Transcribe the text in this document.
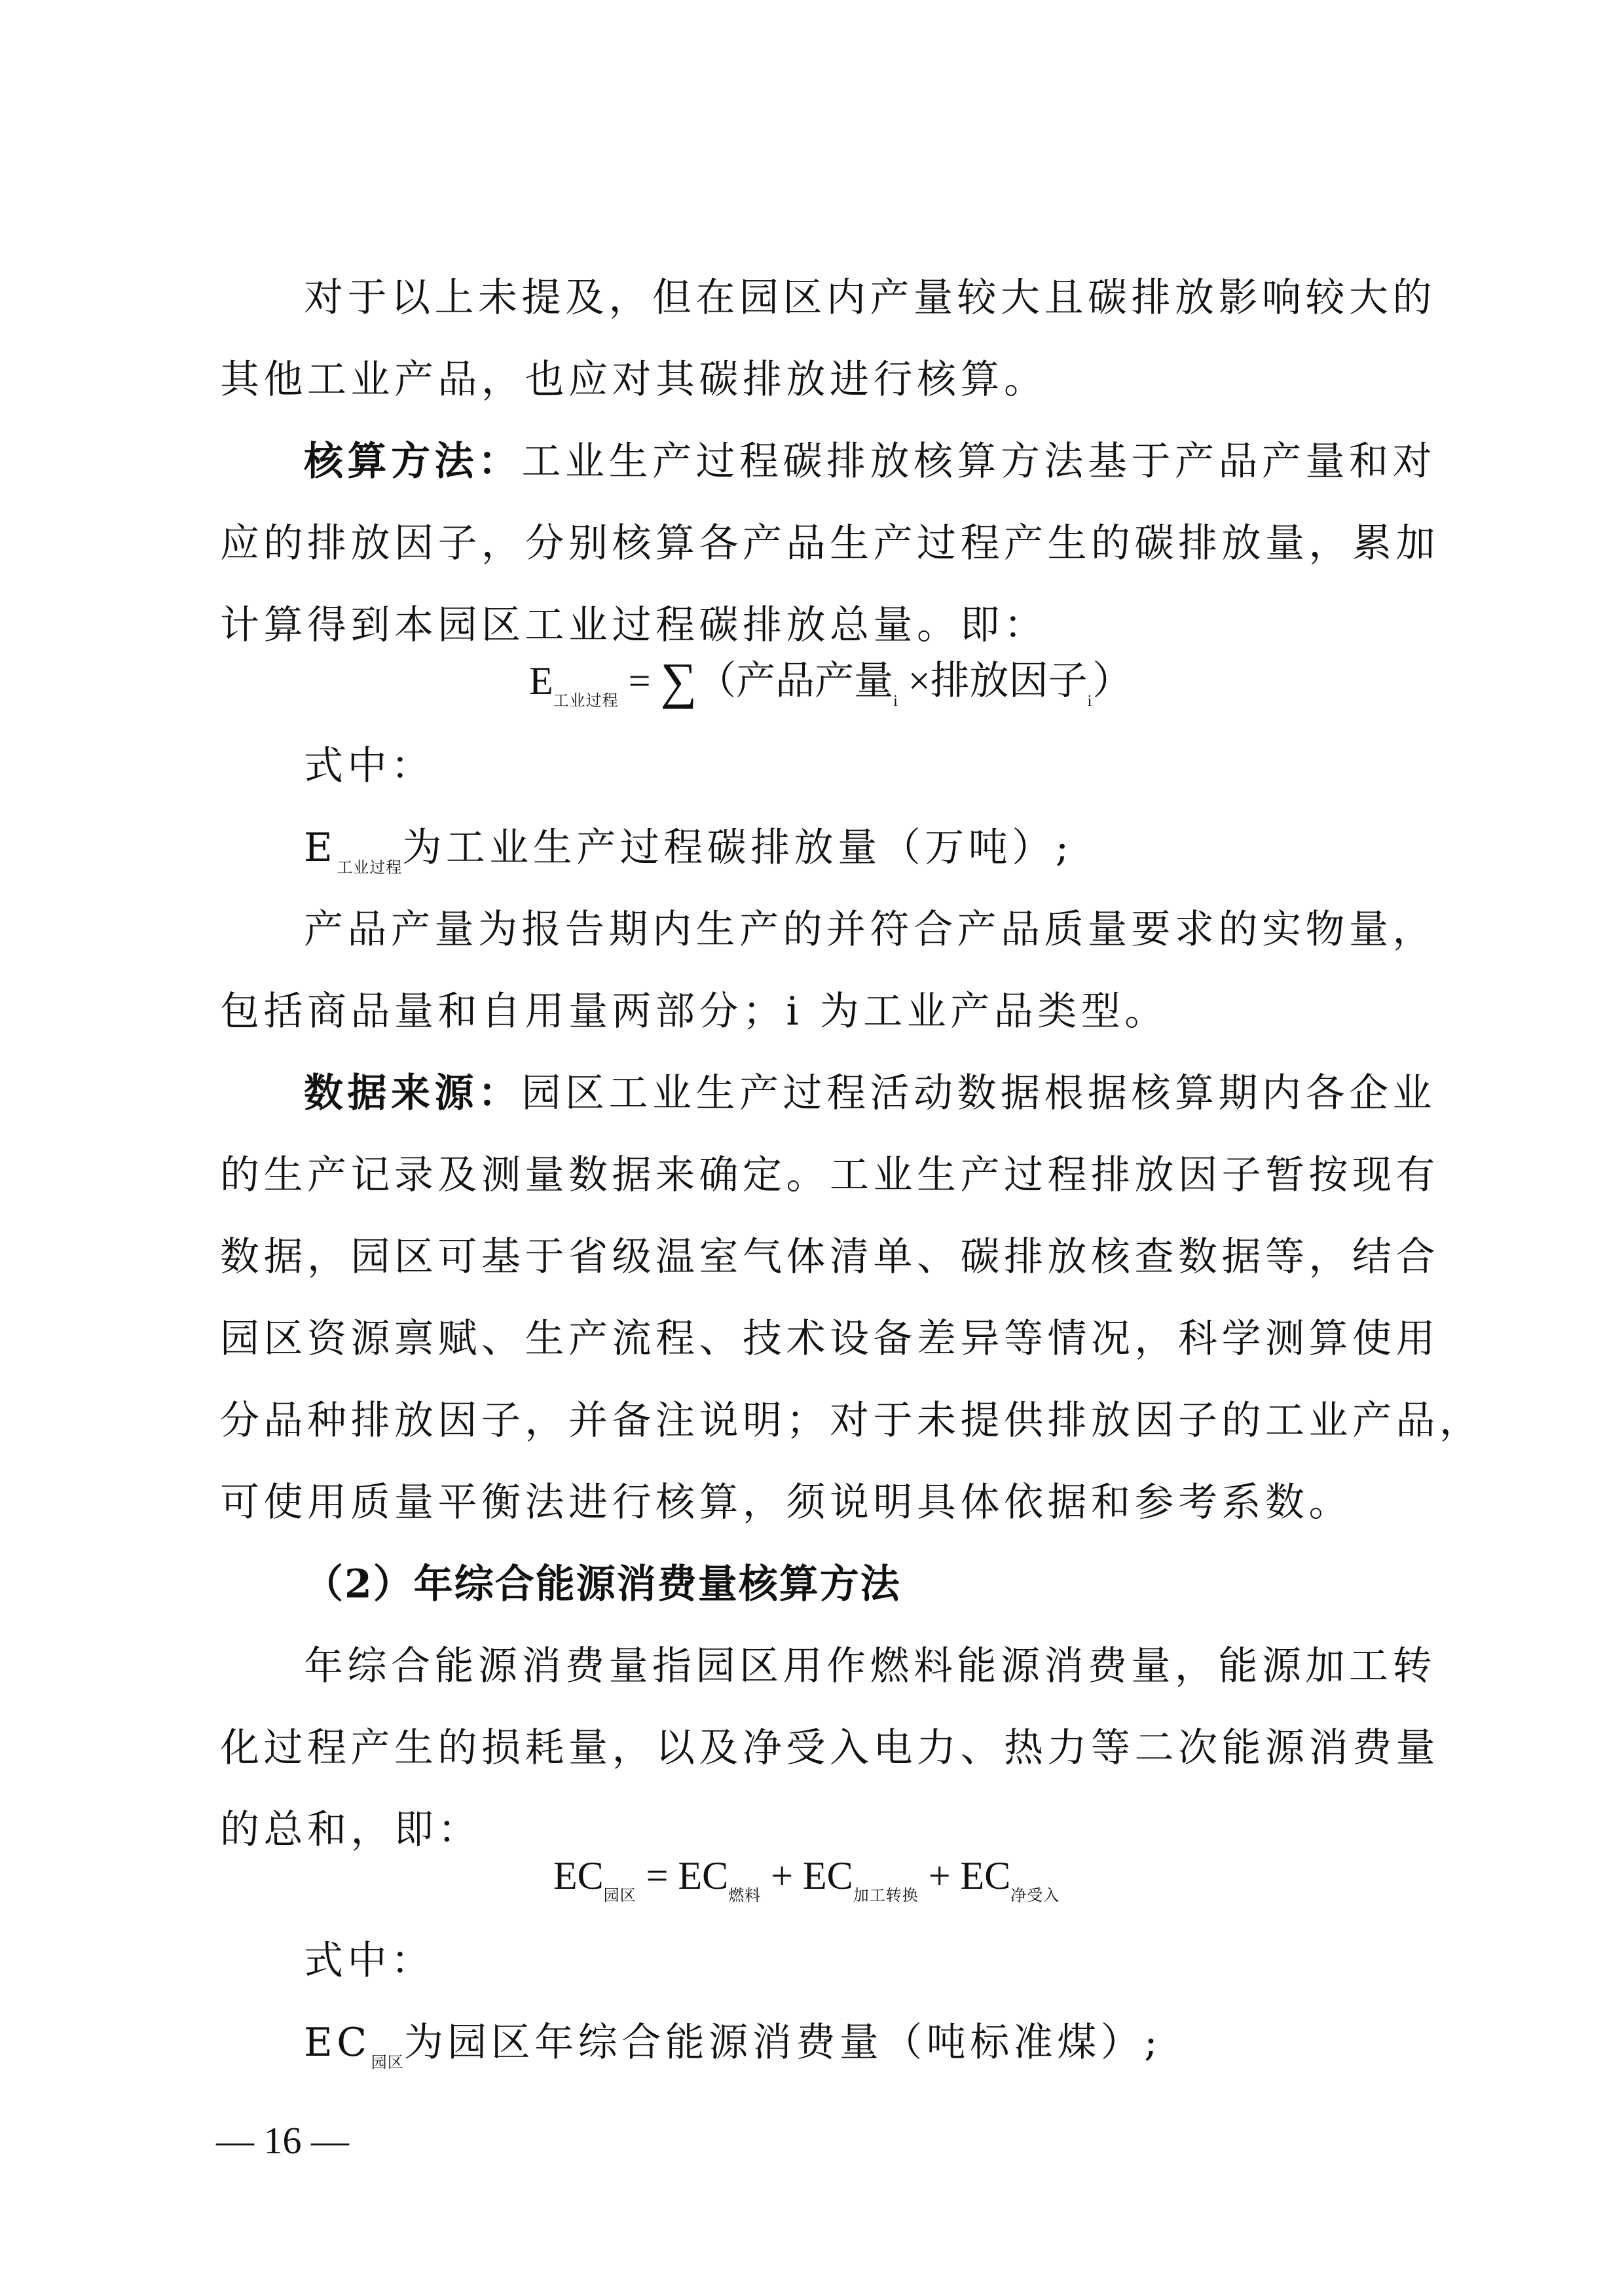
对于以上未提及，但在园区内产量较大且碳排放影响较大的
其他工业产品，也应对其碳排放进行核算。
核算方法：工业生产过程碳排放核算方法基于产品产量和对
应的排放因子，分别核算各产品生产过程产生的碳排放量，累加
计算得到本园区工业过程碳排放总量。即：
$E_{工业过程}$ = ∑（产品产量$_i$ ×排放因子$_i$）
式中：
$E_{工业过程}$为工业生产过程碳排放量（万吨）;
产品产量为报告期内生产的并符合产品质量要求的实物量，
包括商品量和自用量两部分；i 为工业产品类型。
数据来源：园区工业生产过程活动数据根据核算期内各企业
的生产记录及测量数据来确定。工业生产过程排放因子暂按现有
数据，园区可基于省级温室气体清单、碳排放核查数据等，结合
园区资源禀赋、生产流程、技术设备差异等情况，科学测算使用
分品种排放因子，并备注说明；对于未提供排放因子的工业产品，
可使用质量平衡法进行核算，须说明具体依据和参考系数。
（2）年综合能源消费量核算方法
年综合能源消费量指园区用作燃料能源消费量，能源加工转
化过程产生的损耗量，以及净受入电力、热力等二次能源消费量
的总和，即：
$EC_{园区} = EC_{燃料} + EC_{加工转换} + EC_{净受入}$
式中：
$EC_{园区}$为园区年综合能源消费量（吨标准煤）;
— 16 —
